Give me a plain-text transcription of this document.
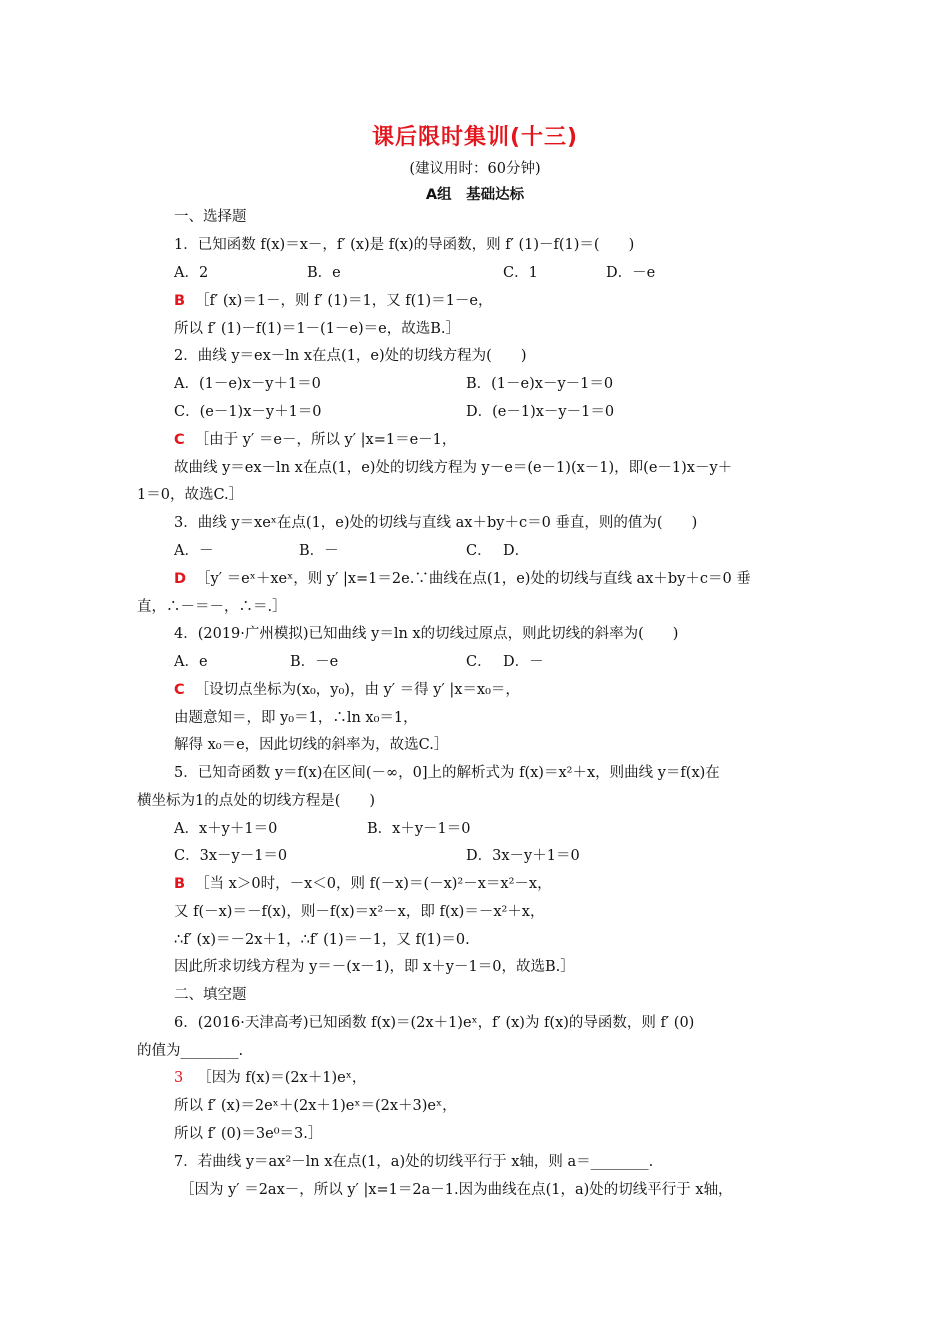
课后限时集训(十三)
(建议用时：60分钟)
A组　基础达标
一、选择题
1．已知函数 f(x)＝x－，f′ (x)是 f(x)的导函数，则 f′ (1)－f(1)＝(　　)
A．2	B．e	C．1	D．－e
B ［f′ (x)＝1－，则 f′ (1)＝1，又 f(1)＝1－e，
所以 f′ (1)－f(1)＝1－(1－e)＝e，故选B.］
2．曲线 y＝ex－ln x在点(1，e)处的切线方程为(　　)
A．(1－e)x－y＋1＝0	B．(1－e)x－y－1＝0
C．(e－1)x－y＋1＝0	D．(e－1)x－y－1＝0
C ［由于 y′ ＝e－，所以 y′ |x=1＝e－1，
故曲线 y＝ex－ln x在点(1，e)处的切线方程为 y－e＝(e－1)(x－1)，即(e－1)x－y＋
1＝0，故选C.］
3．曲线 y＝xeˣ在点(1，e)处的切线与直线 ax＋by＋c＝0 垂直，则的值为(　　)
A．－	B．－	C． D．
D ［y′ ＝eˣ＋xeˣ，则 y′ |x=1＝2e.∵曲线在点(1，e)处的切线与直线 ax＋by＋c＝0 垂
直，∴－＝－，∴＝.］
4．(2019·广州模拟)已知曲线 y＝ln x的切线过原点，则此切线的斜率为(　　)
A．e	B．－e	C． D．－
C ［设切点坐标为(x₀，y₀)，由 y′ ＝得 y′ |x＝x₀＝，
由题意知＝，即 y₀＝1，∴ln x₀＝1，
解得 x₀＝e，因此切线的斜率为，故选C.］
5．已知奇函数 y＝f(x)在区间(－∞，0]上的解析式为 f(x)＝x²＋x，则曲线 y＝f(x)在
横坐标为1的点处的切线方程是(　　)
A．x＋y＋1＝0	B．x＋y－1＝0
C．3x－y－1＝0	D．3x－y＋1＝0
B ［当 x＞0时，－x＜0，则 f(－x)＝(－x)²－x＝x²－x，
又 f(－x)＝－f(x)，则－f(x)＝x²－x，即 f(x)＝－x²＋x，
∴f′ (x)＝－2x＋1，∴f′ (1)＝－1，又 f(1)＝0.
因此所求切线方程为 y＝－(x－1)，即 x＋y－1＝0，故选B.］
二、填空题
6．(2016·天津高考)已知函数 f(x)＝(2x＋1)eˣ，f′ (x)为 f(x)的导函数，则 f′ (0)
的值为________.
3 ［因为 f(x)＝(2x＋1)eˣ，
所以 f′ (x)＝2eˣ＋(2x＋1)eˣ＝(2x＋3)eˣ，
所以 f′ (0)＝3e⁰＝3.］
7．若曲线 y＝ax²－ln x在点(1，a)处的切线平行于 x轴，则 a＝________.
［因为 y′ ＝2ax－，所以 y′ |x=1＝2a－1.因为曲线在点(1，a)处的切线平行于 x轴，
